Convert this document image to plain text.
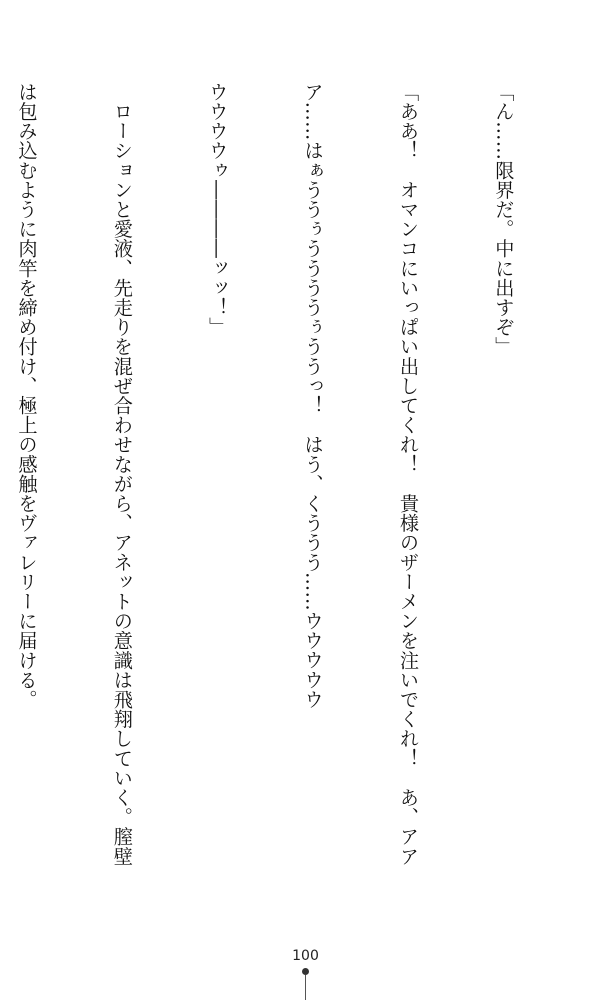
「ん……限界だ。中に出すぞ」

「ああ！　オマンコにいっぱい出してくれ！　貴様のザーメンを注いでくれ！　あ、アア

ア……はぁううぅううううぅううっ！　はう、くううう……ウウウウウ

ウウウウゥ――――ッッ！」

　ローションと愛液、先走りを混ぜ合わせながら、アネットの意識は飛翔していく。膣壁

は包み込むように肉竿を締め付け、極上の感触をヴァレリーに届ける。

100
